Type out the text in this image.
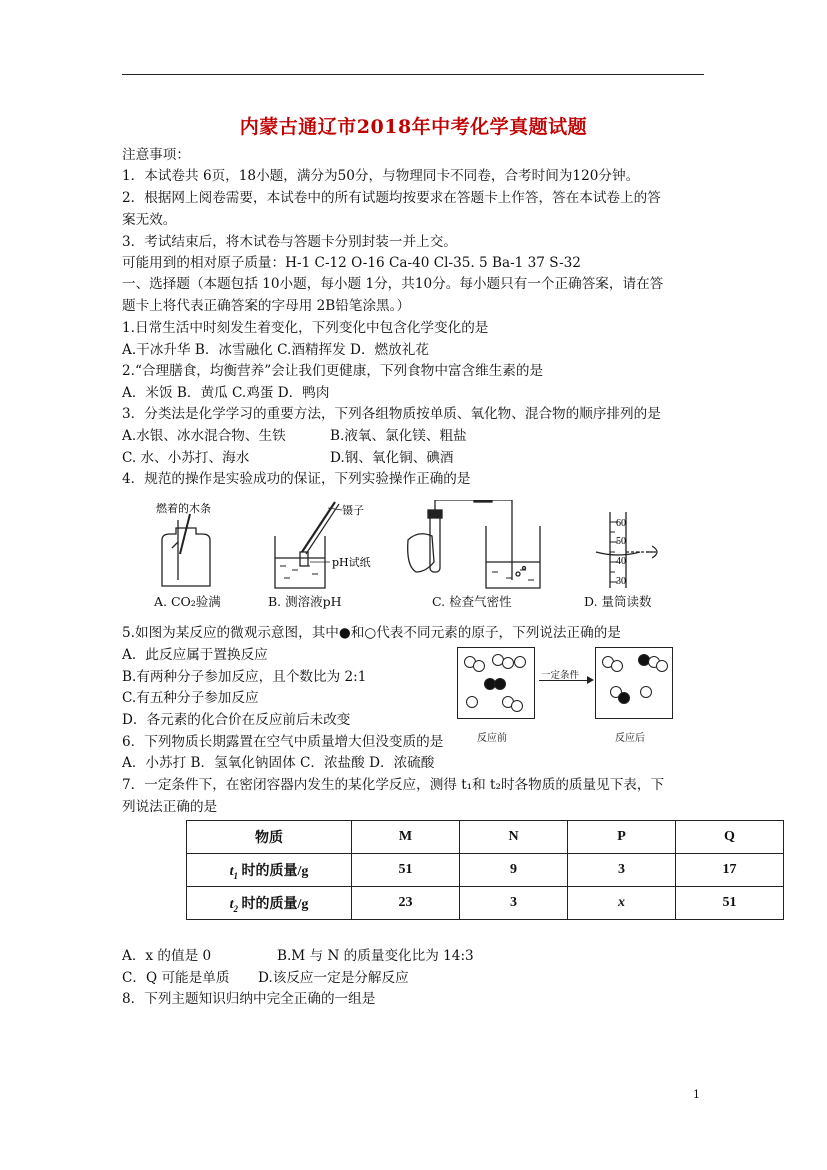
内蒙古通辽市2018年中考化学真题试题
注意事项：
1．本试卷共 6页，18小题，满分为50分，与物理同卡不同卷，合考时间为120分钟。
2．根据网上阅卷需要，本试卷中的所有试题均按要求在答题卡上作答，答在本试卷上的答
案无效。
3．考试结束后，将木试卷与答题卡分别封装一并上交。
可能用到的相对原子质量：H-1 C-12 O-16 Ca-40 Cl-35. 5 Ba-1 37 S-32
一、选择题（本题包括 10小题，每小题 1分，共10分。每小题只有一个正确答案，请在答
题卡上将代表正确答案的字母用 2B铅笔涂黑。）
1.日常生活中时刻发生着变化，下列变化中包含化学变化的是
A.干冰升华 B．冰雪融化 C.酒精挥发 D．燃放礼花
2.“合理膳食，均衡营养”会让我们更健康，下列食物中富含维生素的是
A．米饭 B．黄瓜 C.鸡蛋 D．鸭肉
3．分类法是化学学习的重要方法，下列各组物质按单质、氧化物、混合物的顺序排列的是
A.水银、冰水混合物、生铁	B.液氧、氯化镁、粗盐
C. 水、小苏打、海水	D.钢、氧化铜、碘酒
4．规范的操作是实验成功的保证，下列实验操作正确的是
60
50
40
30
燃着的木条	镊子
pH试纸
A. CO₂验满	B. 测溶液pH	C. 检查气密性	D. 量筒读数
5.如图为某反应的微观示意图，其中●和○代表不同元素的原子，下列说法正确的是
A．此反应属于置换反应
B.有两种分子参加反应，且个数比为 2:1
C.有五种分子参加反应
D．各元素的化合价在反应前后未改变
一定条件
反应前	反应后
6．下列物质长期露置在空气中质量增大但没变质的是
A．小苏打 B．氢氧化钠固体 C．浓盐酸 D．浓硫酸
7．一定条件下，在密闭容器内发生的某化学反应，测得 t₁和 t₂时各物质的质量见下表，下
列说法正确的是
物质	M	N	P	Q
$t_1$ 时的质量/g	51	9	3	17
$t_2$ 时的质量/g	23	3	x	51
A．x 的值是 0	B.M 与 N 的质量变化比为 14:3
C．Q 可能是单质 D.该反应一定是分解反应
8．下列主题知识归纳中完全正确的一组是
1
